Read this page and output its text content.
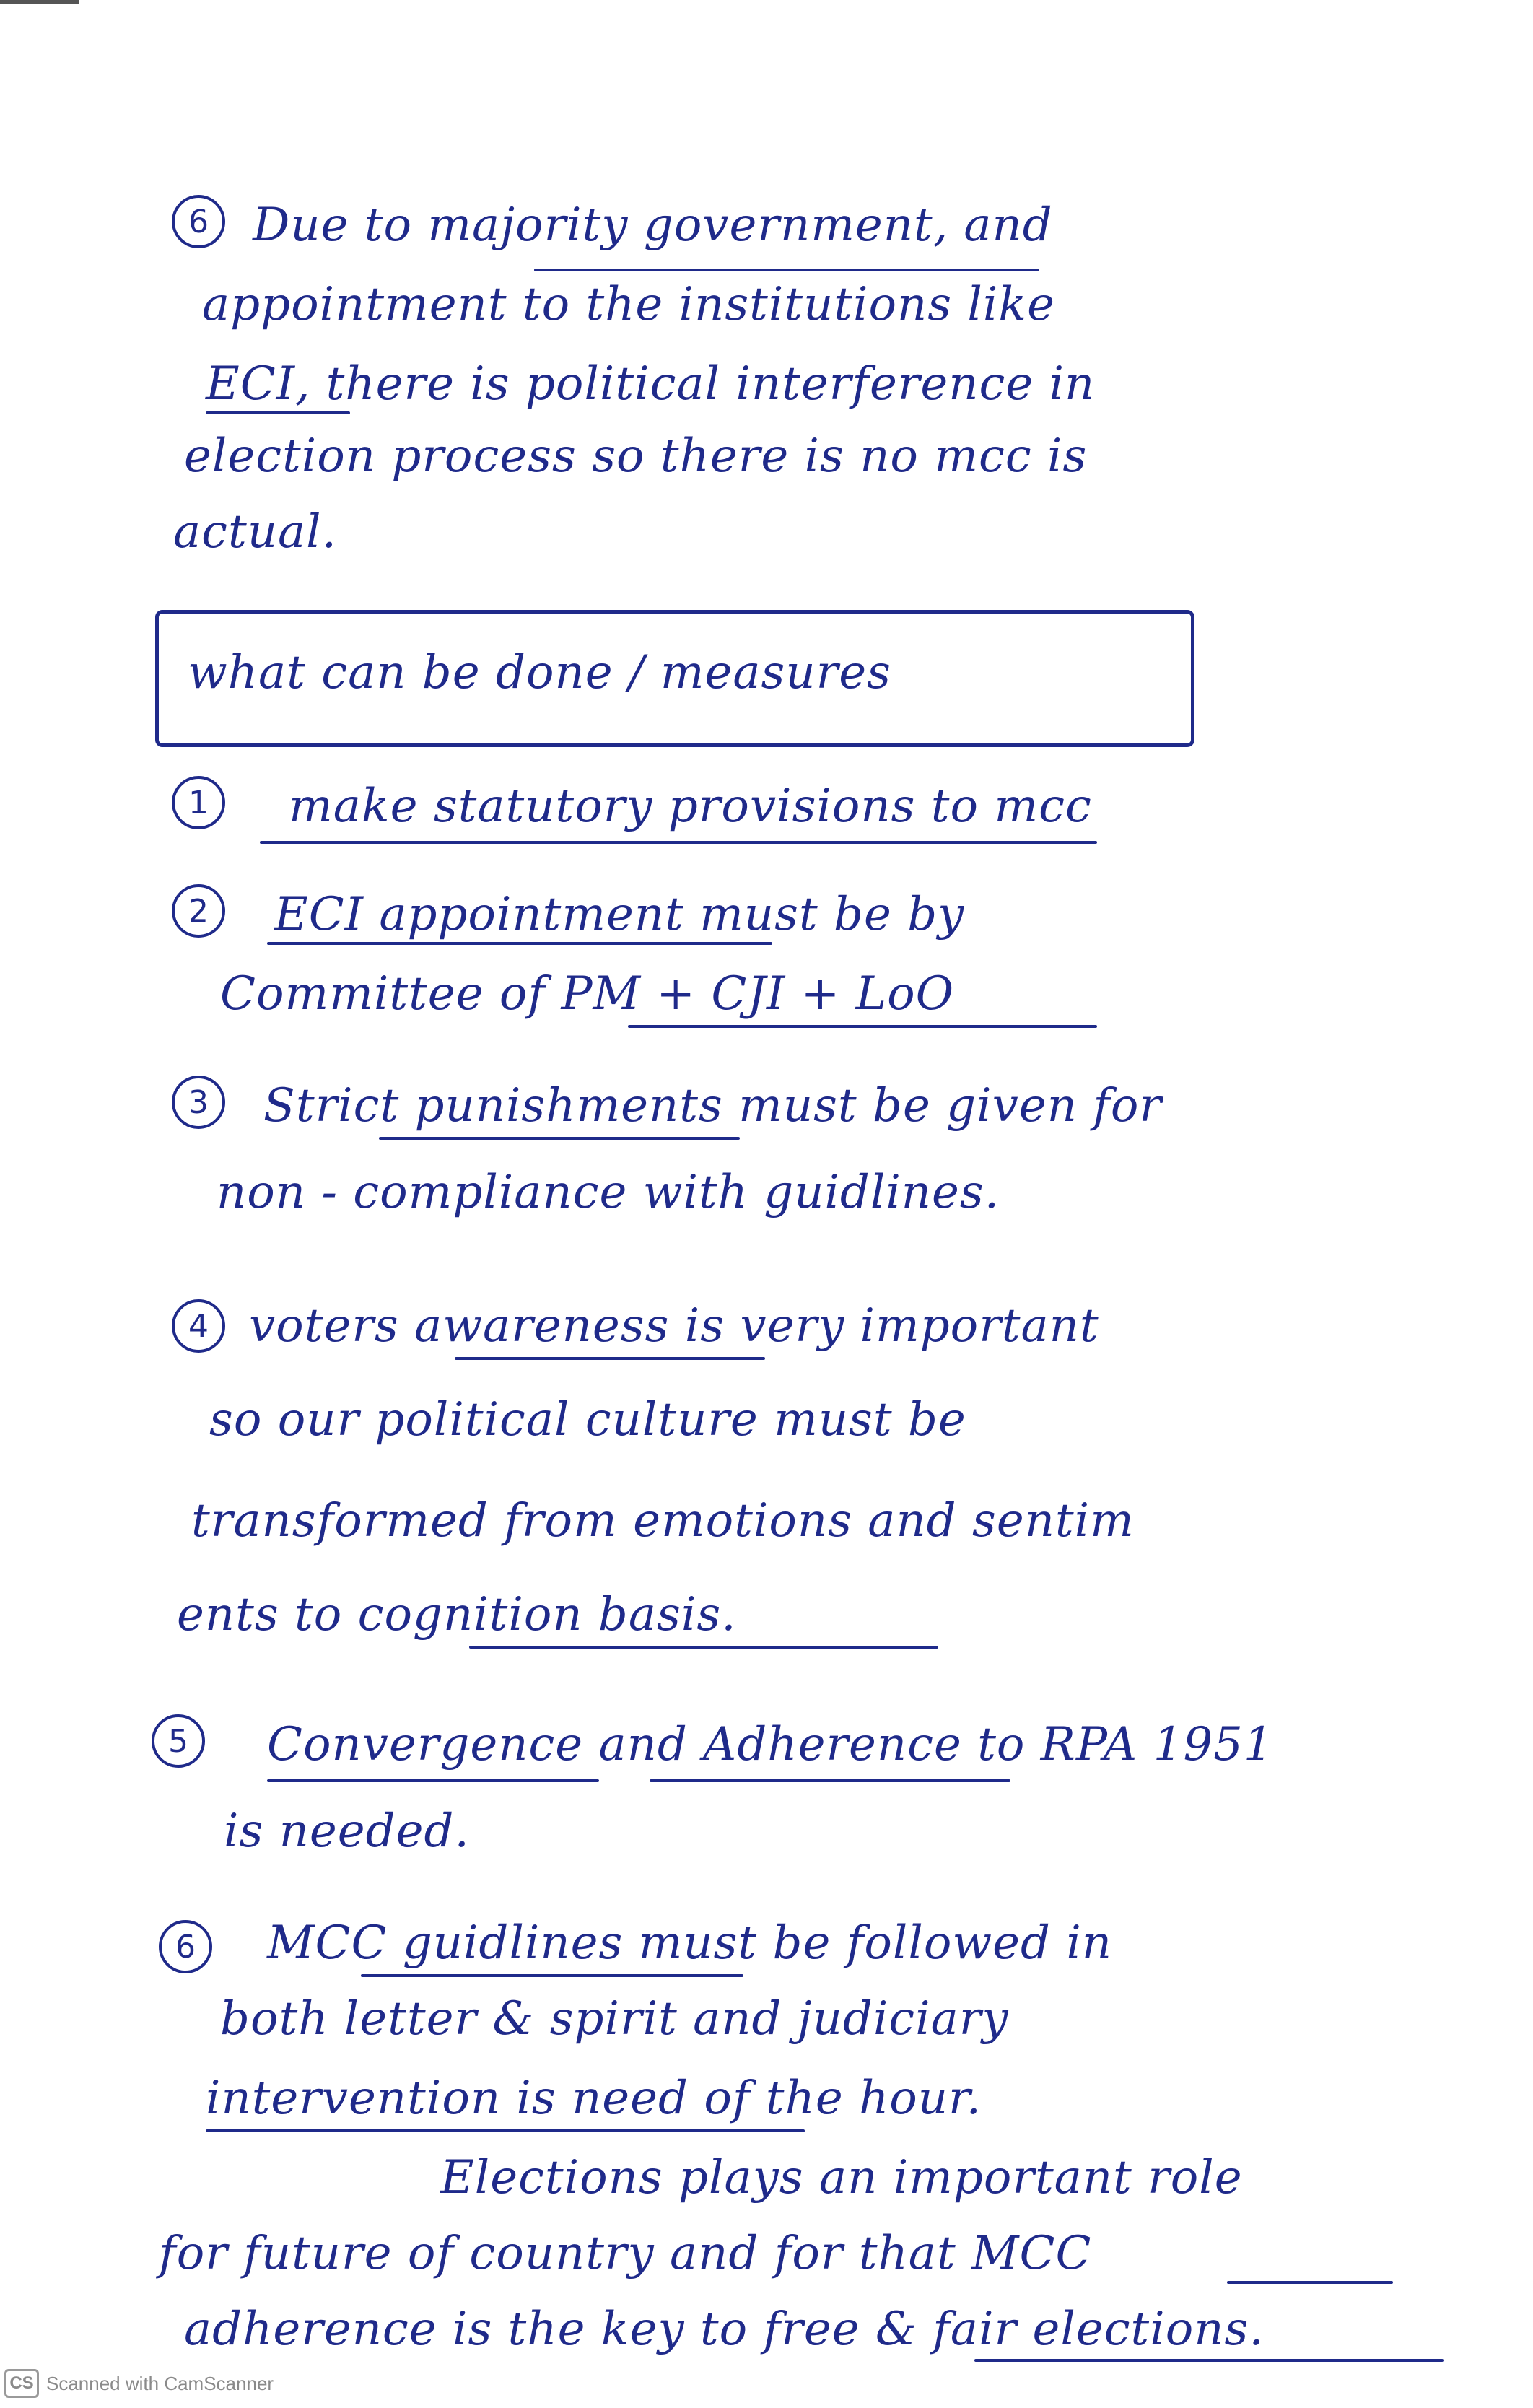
6 Due to majority government, and
appointment to the institutions like
ECI, there is political interference in
election process so there is no mcc is
actual.
what can be done / measures
1	make statutory provisions to mcc
2	ECI appointment must be by
Committee of PM + CJI + LoO
3	Strict punishments must be given for
non - compliance with guidlines.
4 voters awareness is very important
so our political culture must be
transformed from emotions and sentim
ents to cognition basis.
5	Convergence and Adherence to RPA 1951
is needed.
6	MCC guidlines must be followed in
both letter & spirit and judiciary
intervention is need of the hour.
Elections plays an important role
for future of country and for that MCC
adherence is the key to free & fair elections.
CS Scanned with CamScanner
